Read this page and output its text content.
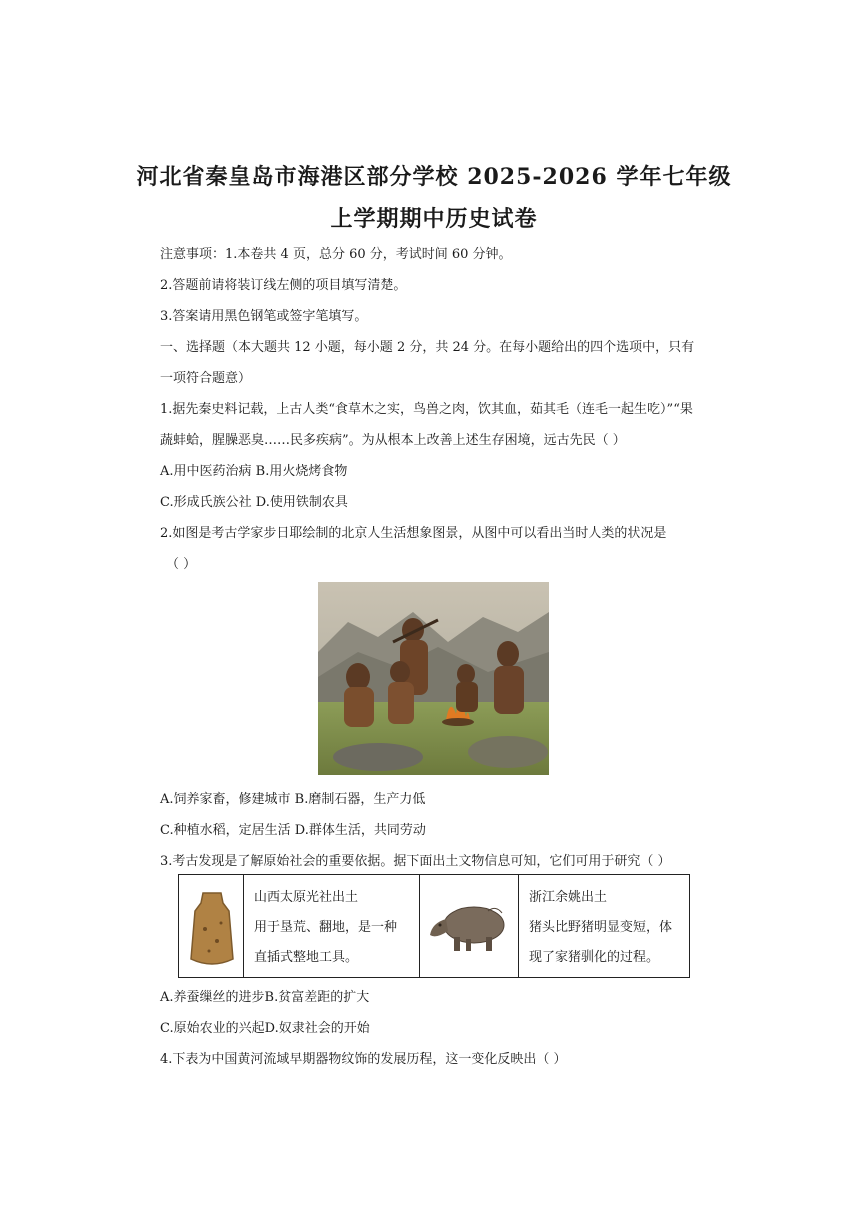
河北省秦皇岛市海港区部分学校 2025-2026 学年七年级
上学期期中历史试卷
注意事项：1.本卷共 4 页，总分 60 分，考试时间 60 分钟。
2.答题前请将装订线左侧的项目填写清楚。
3.答案请用黑色钢笔或签字笔填写。
一、选择题（本大题共 12 小题，每小题 2 分，共 24 分。在每小题给出的四个选项中，只有
一项符合题意）
1.据先秦史料记载，上古人类“食草木之实，鸟兽之肉，饮其血，茹其毛（连毛一起生吃）”“果
蔬蚌蛤，腥臊恶臭……民多疾病”。为从根本上改善上述生存困境，远古先民（ ）
A.用中医药治病 B.用火烧烤食物
C.形成氏族公社 D.使用铁制农具
2.如图是考古学家步日耶绘制的北京人生活想象图景，从图中可以看出当时人类的状况是
（ ）
A.饲养家畜，修建城市 B.磨制石器，生产力低
C.种植水稻，定居生活 D.群体生活，共同劳动
3.考古发现是了解原始社会的重要依据。据下面出土文物信息可知，它们可用于研究（ ）

山西太原光社出土
用于垦荒、翻地，是一种
直插式整地工具。

浙江余姚出土
猪头比野猪明显变短，体
现了家猪驯化的过程。
A.养蚕缫丝的进步B.贫富差距的扩大
C.原始农业的兴起D.奴隶社会的开始
4.下表为中国黄河流域早期器物纹饰的发展历程，这一变化反映出（ ）
